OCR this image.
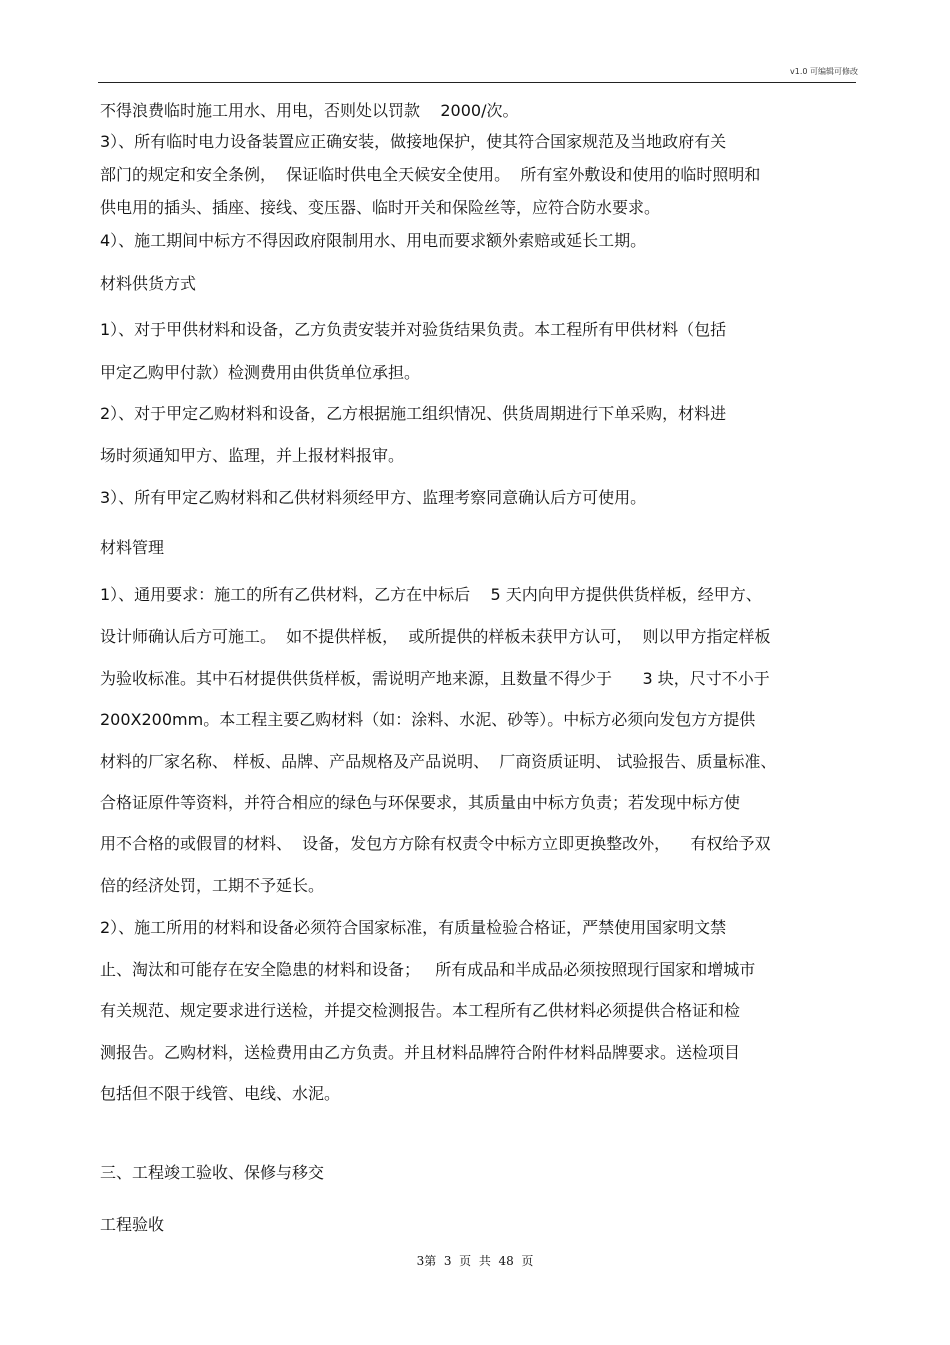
v1.0 可编辑可修改
不得浪费临时施工用水、用电，否则处以罚款    2000/次。
3）、所有临时电力设备装置应正确安装，做接地保护，使其符合国家规范及当地政府有关
部门的规定和安全条例，  保证临时供电全天候安全使用。  所有室外敷设和使用的临时照明和
供电用的插头、插座、接线、变压器、临时开关和保险丝等，应符合防水要求。
4）、施工期间中标方不得因政府限制用水、用电而要求额外索赔或延长工期。
材料供货方式
1）、对于甲供材料和设备，乙方负责安装并对验货结果负责。本工程所有甲供材料（包括
甲定乙购甲付款）检测费用由供货单位承担。
2）、对于甲定乙购材料和设备，乙方根据施工组织情况、供货周期进行下单采购，材料进
场时须通知甲方、监理，并上报材料报审。
3）、所有甲定乙购材料和乙供材料须经甲方、监理考察同意确认后方可使用。
材料管理
1）、通用要求：施工的所有乙供材料，乙方在中标后    5 天内向甲方提供供货样板，经甲方、
设计师确认后方可施工。  如不提供样板，  或所提供的样板未获甲方认可，  则以甲方指定样板
为验收标准。其中石材提供供货样板，需说明产地来源，且数量不得少于      3 块，尺寸不小于
200X200mm。本工程主要乙购材料（如：涂料、水泥、砂等）。中标方必须向发包方方提供
材料的厂家名称、 样板、品牌、产品规格及产品说明、  厂商资质证明、 试验报告、质量标准、
合格证原件等资料，并符合相应的绿色与环保要求，其质量由中标方负责；若发现中标方使
用不合格的或假冒的材料、  设备，发包方方除有权责令中标方立即更换整改外，    有权给予双
倍的经济处罚，工期不予延长。
2）、施工所用的材料和设备必须符合国家标准，有质量检验合格证，严禁使用国家明文禁
止、淘汰和可能存在安全隐患的材料和设备；   所有成品和半成品必须按照现行国家和增城市
有关规范、规定要求进行送检，并提交检测报告。本工程所有乙供材料必须提供合格证和检
测报告。乙购材料，送检费用由乙方负责。并且材料品牌符合附件材料品牌要求。送检项目
包括但不限于线管、电线、水泥。
三、工程竣工验收、保修与移交
工程验收
3第  3  页  共  48  页
